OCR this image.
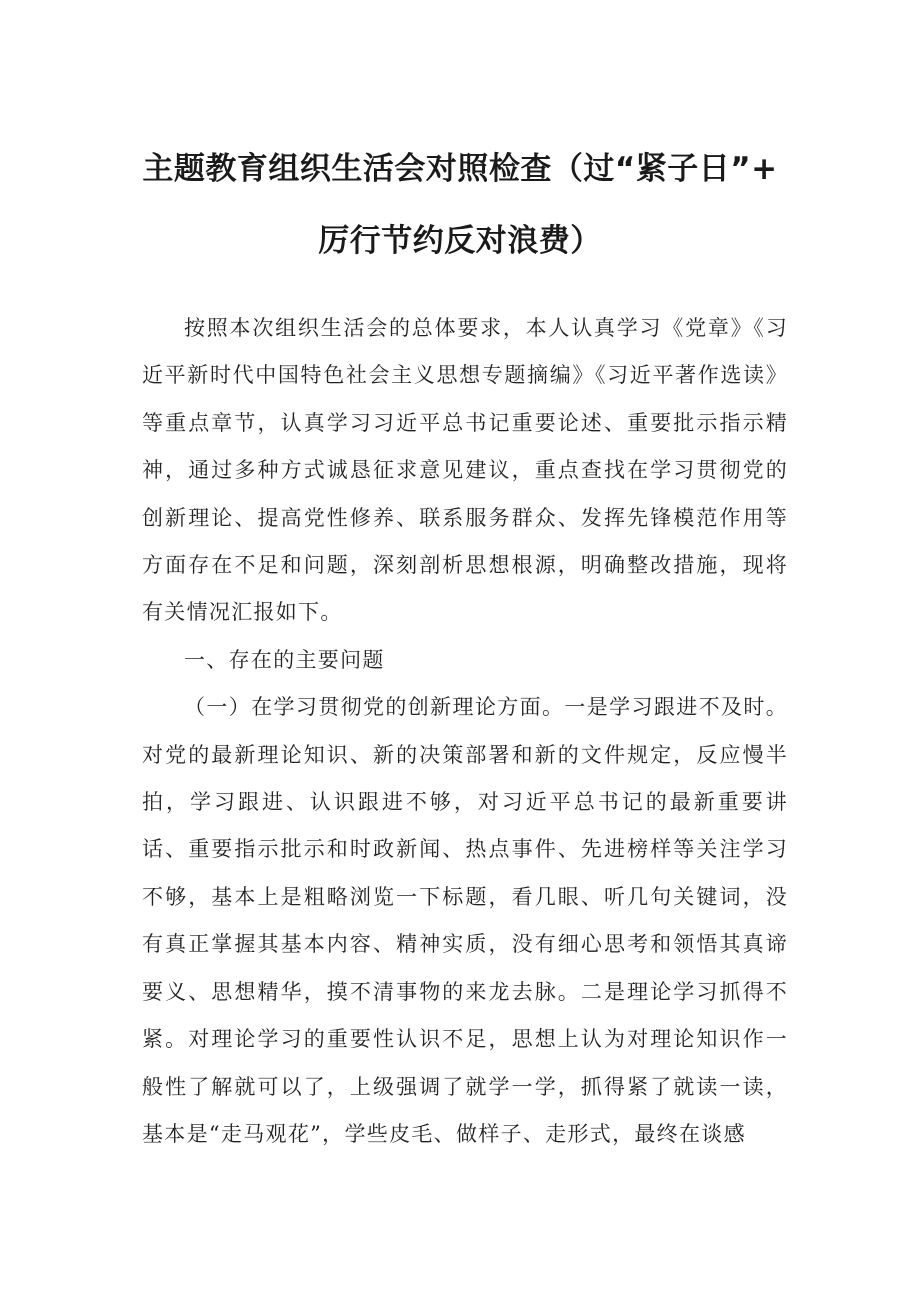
主题教育组织生活会对照检查（过“紧子日”+
厉行节约反对浪费）

按照本次组织生活会的总体要求，本人认真学习《党章》《习近平新时代中国特色社会主义思想专题摘编》《习近平著作选读》等重点章节，认真学习习近平总书记重要论述、重要批示指示精神，通过多种方式诚恳征求意见建议，重点查找在学习贯彻党的创新理论、提高党性修养、联系服务群众、发挥先锋模范作用等方面存在不足和问题，深刻剖析思想根源，明确整改措施，现将有关情况汇报如下。

一、存在的主要问题

（一）在学习贯彻党的创新理论方面。一是学习跟进不及时。对党的最新理论知识、新的决策部署和新的文件规定，反应慢半拍，学习跟进、认识跟进不够，对习近平总书记的最新重要讲话、重要指示批示和时政新闻、热点事件、先进榜样等关注学习不够，基本上是粗略浏览一下标题，看几眼、听几句关键词，没有真正掌握其基本内容、精神实质，没有细心思考和领悟其真谛要义、思想精华，摸不清事物的来龙去脉。二是理论学习抓得不紧。对理论学习的重要性认识不足，思想上认为对理论知识作一般性了解就可以了，上级强调了就学一学，抓得紧了就读一读，基本是“走马观花”，学些皮毛、做样子、走形式，最终在谈感
